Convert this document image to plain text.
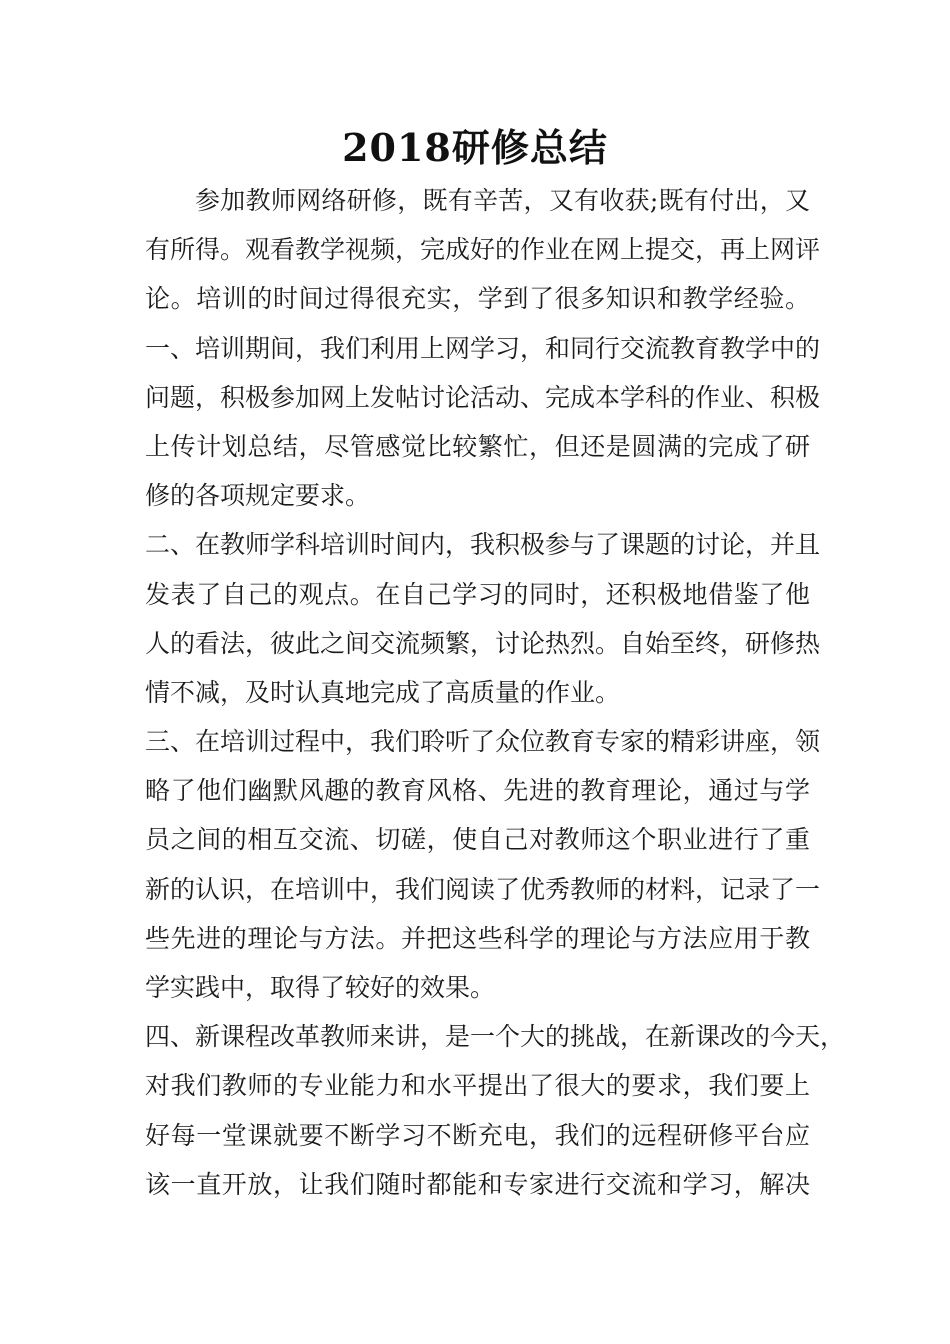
2018研修总结
参加教师网络研修，既有辛苦，又有收获;既有付出，又
有所得。观看教学视频，完成好的作业在网上提交，再上网评
论。培训的时间过得很充实，学到了很多知识和教学经验。
一、培训期间，我们利用上网学习，和同行交流教育教学中的
问题，积极参加网上发帖讨论活动、完成本学科的作业、积极
上传计划总结，尽管感觉比较繁忙，但还是圆满的完成了研
修的各项规定要求。
二、在教师学科培训时间内，我积极参与了课题的讨论，并且
发表了自己的观点。在自己学习的同时，还积极地借鉴了他
人的看法，彼此之间交流频繁，讨论热烈。自始至终，研修热
情不减，及时认真地完成了高质量的作业。
三、在培训过程中，我们聆听了众位教育专家的精彩讲座，领
略了他们幽默风趣的教育风格、先进的教育理论，通过与学
员之间的相互交流、切磋，使自己对教师这个职业进行了重
新的认识，在培训中，我们阅读了优秀教师的材料，记录了一
些先进的理论与方法。并把这些科学的理论与方法应用于教
学实践中，取得了较好的效果。
四、新课程改革教师来讲，是一个大的挑战，在新课改的今天，
对我们教师的专业能力和水平提出了很大的要求，我们要上
好每一堂课就要不断学习不断充电，我们的远程研修平台应
该一直开放，让我们随时都能和专家进行交流和学习，解决
